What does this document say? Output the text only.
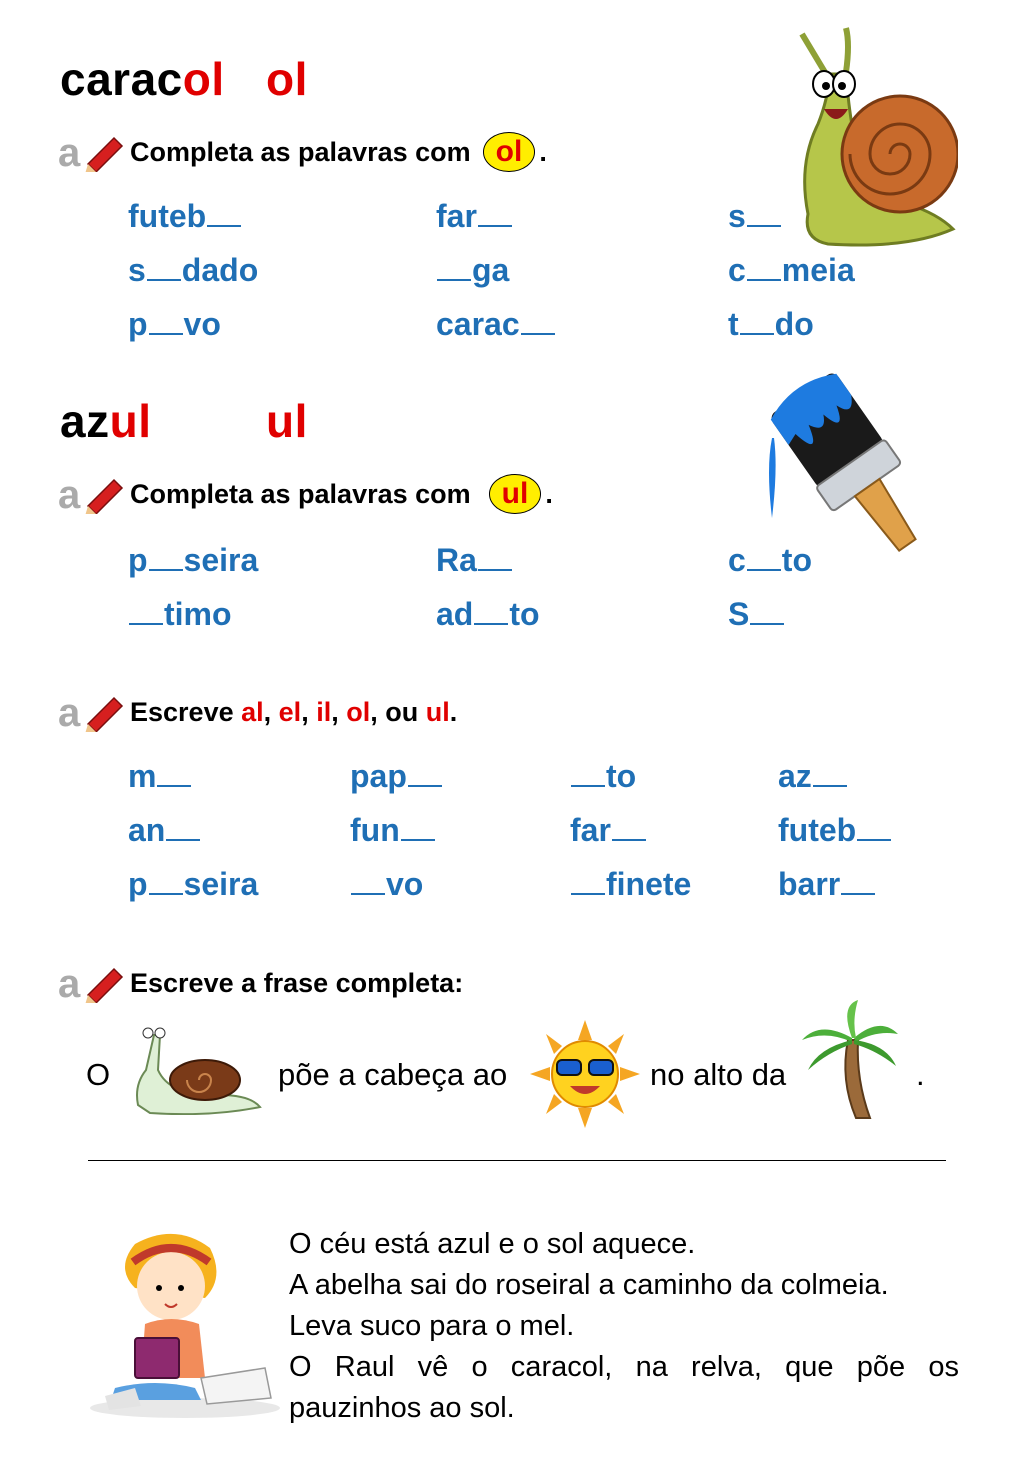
caracol ol
a Completa as palavras com ol .
futeb	far	s
s dado	ga	c meia
p vo	carac	t do
azul ul
a Completa as palavras com	ul .
p seira	Ra	c to
timo	ad to	S
a Escreve al , el , il , ol , ou ul .
m	pap	to	az
an	fun	far	futeb
p seira	vo	finete	barr
a Escreve a frase completa:
O	põe a cabeça ao	no alto da	.

O céu está azul e o sol aquece.

A abelha sai do roseiral a caminho da colmeia.

Leva suco para o mel.

O Raul vê o caracol, na relva, que põe os pauzinhos ao sol.
